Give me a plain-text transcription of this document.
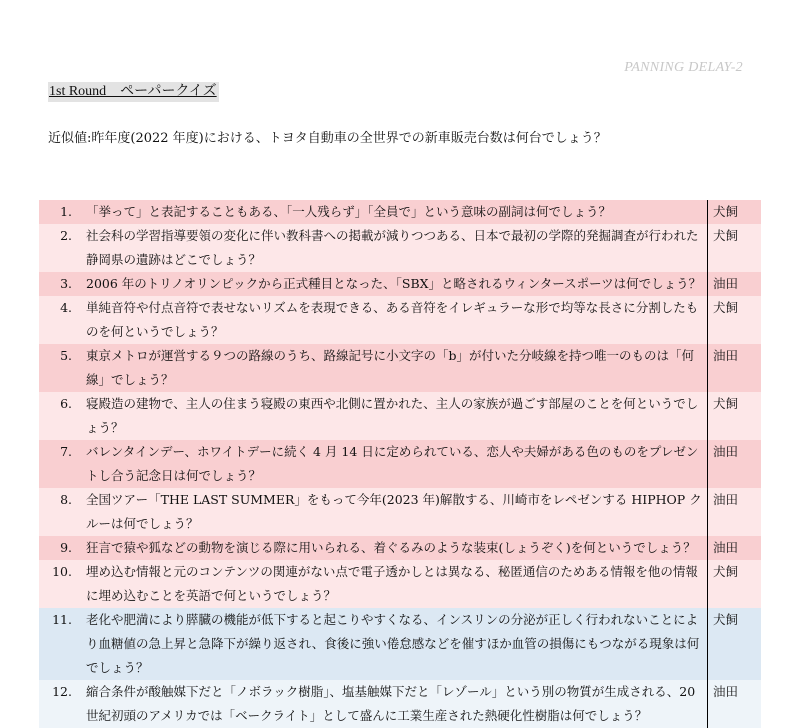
PANNING DELAY-2
1st Round　ペーパークイズ
近似値:昨年度(2022 年度)における、トヨタ自動車の全世界での新車販売台数は何台でしょう？
1.	「挙って」と表記することもある、「一人残らず」「全員で」という意味の副詞は何でしょう？	犬飼
2.	社会科の学習指導要領の変化に伴い教科書への掲載が減りつつある、日本で最初の学際的発掘調査が行われた静岡県の遺跡はどこでしょう？	犬飼
3.	2006 年のトリノオリンピックから正式種目となった、「SBX」と略されるウィンタースポーツは何でしょう？	油田
4.	単純音符や付点音符で表せないリズムを表現できる、ある音符をイレギュラーな形で均等な長さに分割したものを何というでしょう？	犬飼
5.	東京メトロが運営する９つの路線のうち、路線記号に小文字の「b」が付いた分岐線を持つ唯一のものは「何線」でしょう？	油田
6.	寝殿造の建物で、主人の住まう寝殿の東西や北側に置かれた、主人の家族が過ごす部屋のことを何というでしょう？	犬飼
7.	バレンタインデー、ホワイトデーに続く 4 月 14 日に定められている、恋人や夫婦がある色のものをプレゼントし合う記念日は何でしょう？	油田
8.	全国ツアー「THE LAST SUMMER」をもって今年(2023 年)解散する、川崎市をレペゼンする HIPHOP クルーは何でしょう？	油田
9.	狂言で猿や狐などの動物を演じる際に用いられる、着ぐるみのような装束(しょうぞく)を何というでしょう？	油田
10.	埋め込む情報と元のコンテンツの関連がない点で電子透かしとは異なる、秘匿通信のためある情報を他の情報に埋め込むことを英語で何というでしょう？	犬飼
11.	老化や肥満により膵臓の機能が低下すると起こりやすくなる、インスリンの分泌が正しく行われないことにより血糖値の急上昇と急降下が繰り返され、食後に強い倦怠感などを催すほか血管の損傷にもつながる現象は何でしょう？	犬飼
12.	縮合条件が酸触媒下だと「ノボラック樹脂」、塩基触媒下だと「レゾール」という別の物質が生成される、20 世紀初頭のアメリカでは「ベークライト」として盛んに工業生産された熱硬化性樹脂は何でしょう？	油田
